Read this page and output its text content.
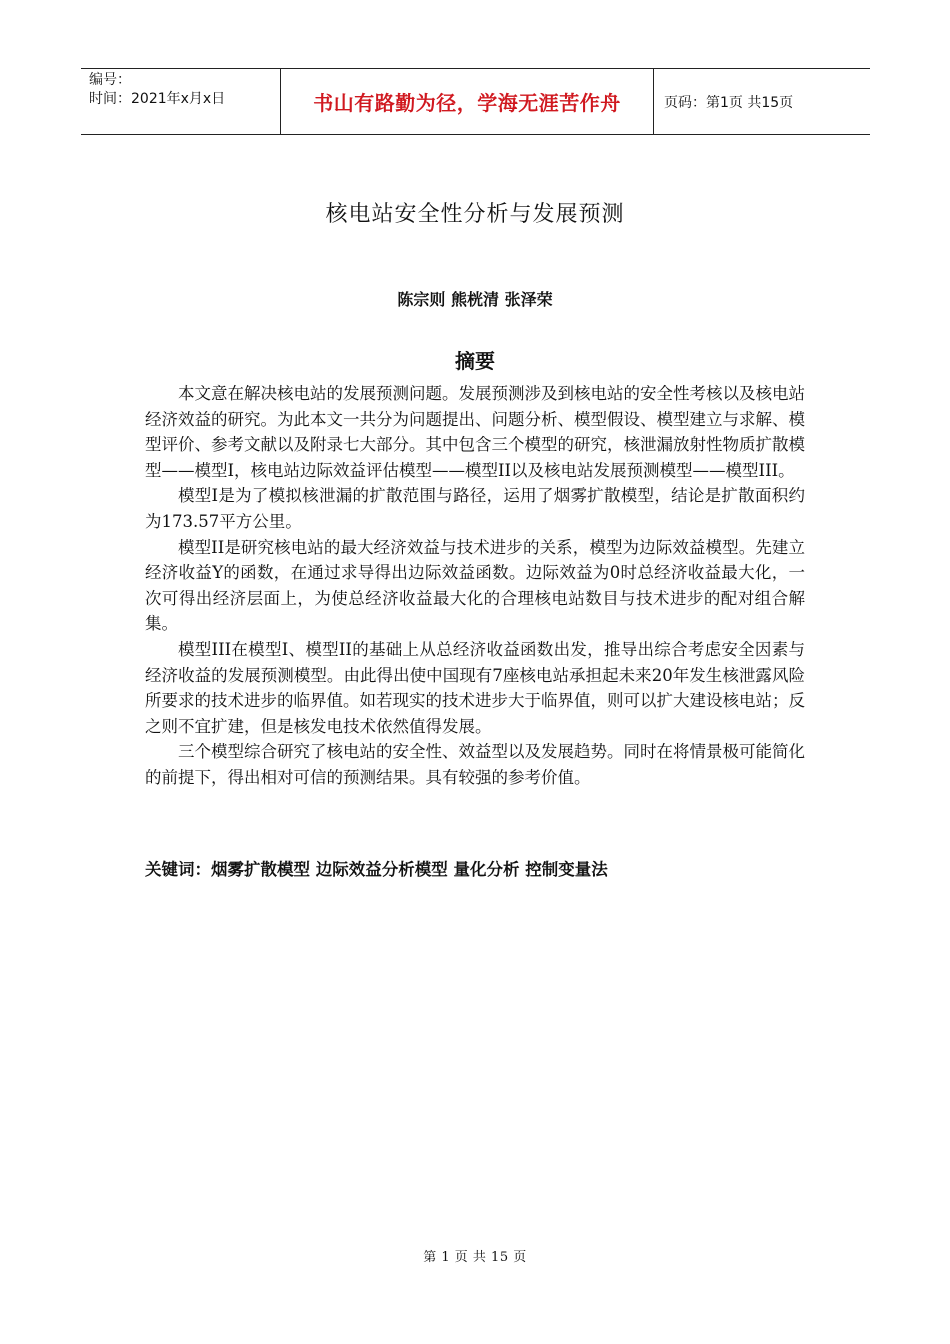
编号：
时间：2021年x月x日	书山有路勤为径，学海无涯苦作舟	页码：第1页 共15页
核电站安全性分析与发展预测
陈宗则 熊桄清 张泽荣
摘要

本文意在解决核电站的发展预测问题。发展预测涉及到核电站的安全性考核以及核电站经济效益的研究。为此本文一共分为问题提出、问题分析、模型假设、模型建立与求解、模型评价、参考文献以及附录七大部分。其中包含三个模型的研究，核泄漏放射性物质扩散模型——模型I，核电站边际效益评估模型——模型II以及核电站发展预测模型——模型III。

模型I是为了模拟核泄漏的扩散范围与路径，运用了烟雾扩散模型，结论是扩散面积约为173.57平方公里。

模型II是研究核电站的最大经济效益与技术进步的关系，模型为边际效益模型。先建立经济收益Y的函数，在通过求导得出边际效益函数。边际效益为0时总经济收益最大化，一次可得出经济层面上，为使总经济收益最大化的合理核电站数目与技术进步的配对组合解集。

模型III在模型I、模型II的基础上从总经济收益函数出发，推导出综合考虑安全因素与经济收益的发展预测模型。由此得出使中国现有7座核电站承担起未来20年发生核泄露风险所要求的技术进步的临界值。如若现实的技术进步大于临界值，则可以扩大建设核电站；反之则不宜扩建，但是核发电技术依然值得发展。

三个模型综合研究了核电站的安全性、效益型以及发展趋势。同时在将情景极可能简化的前提下，得出相对可信的预测结果。具有较强的参考价值。

关键词：烟雾扩散模型 边际效益分析模型 量化分析 控制变量法
第 1 页 共 15 页
